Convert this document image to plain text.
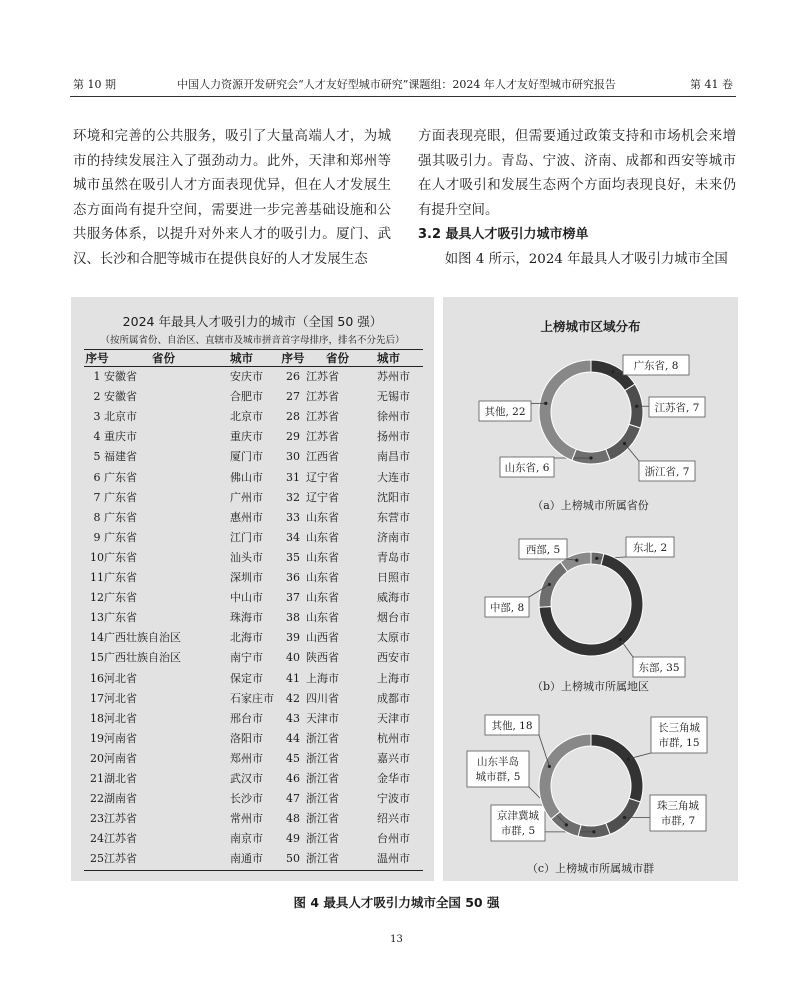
第 10 期	中国人力资源开发研究会“人才友好型城市研究”课题组：2024 年人才友好型城市研究报告	第 41 卷

环境和完善的公共服务，吸引了大量高端人才，为城市的持续发展注入了强劲动力。此外，天津和郑州等城市虽然在吸引人才方面表现优异，但在人才发展生态方面尚有提升空间，需要进一步完善基础设施和公共服务体系，以提升对外来人才的吸引力。厦门、武汉、长沙和合肥等城市在提供良好的人才发展生态

方面表现亮眼，但需要通过政策支持和市场机会来增强其吸引力。青岛、宁波、济南、成都和西安等城市在人才吸引和发展生态两个方面均表现良好，未来仍有提升空间。

3.2 最具人才吸引力城市榜单

如图 4 所示，2024 年最具人才吸引力城市全国

2024 年最具人才吸引力的城市（全国 50 强）
（按所属省份、自治区、直辖市及城市拼音首字母排序，排名不分先后）
序号	省份	城市 序号 省份 城市
1 安徽省	安庆市	26 江苏省	苏州市
2 安徽省	合肥市	27 江苏省	无锡市
3 北京市	北京市	28 江苏省	徐州市
4 重庆市	重庆市	29 江苏省	扬州市
5 福建省	厦门市	30 江西省	南昌市
6 广东省	佛山市	31 辽宁省	大连市
7 广东省	广州市	32 辽宁省	沈阳市
8 广东省	惠州市	33 山东省	东营市
9 广东省	江门市	34 山东省	济南市
10 广东省	汕头市	35 山东省	青岛市
11 广东省	深圳市	36 山东省	日照市
12 广东省	中山市	37 山东省	威海市
13 广东省	珠海市	38 山东省	烟台市
14 广西壮族自治区	北海市	39 山西省	太原市
15 广西壮族自治区	南宁市	40 陕西省	西安市
16 河北省	保定市	41 上海市	上海市
17 河北省	石家庄市	42 四川省	成都市
18 河北省	邢台市	43 天津市	天津市
19 河南省	洛阳市	44 浙江省	杭州市
20 河南省	郑州市	45 浙江省	嘉兴市
21 湖北省	武汉市	46 浙江省	金华市
22 湖南省	长沙市	47 浙江省	宁波市
23 江苏省	常州市	48 浙江省	绍兴市
24 江苏省	南京市	49 浙江省	台州市
25 江苏省	南通市	50 浙江省	温州市
上榜城市区域分布
广东省, 8
江苏省, 7
浙江省, 7
山东省, 6
其他, 22
（a）上榜城市所属省份
东北, 2
东部, 35
中部, 8
西部, 5
（b）上榜城市所属地区
长三角城市群, 15
珠三角城市群, 7
京津冀城市群, 5
山东半岛城市群, 5
其他, 18
（c）上榜城市所属城市群
图 4 最具人才吸引力城市全国 50 强
13
